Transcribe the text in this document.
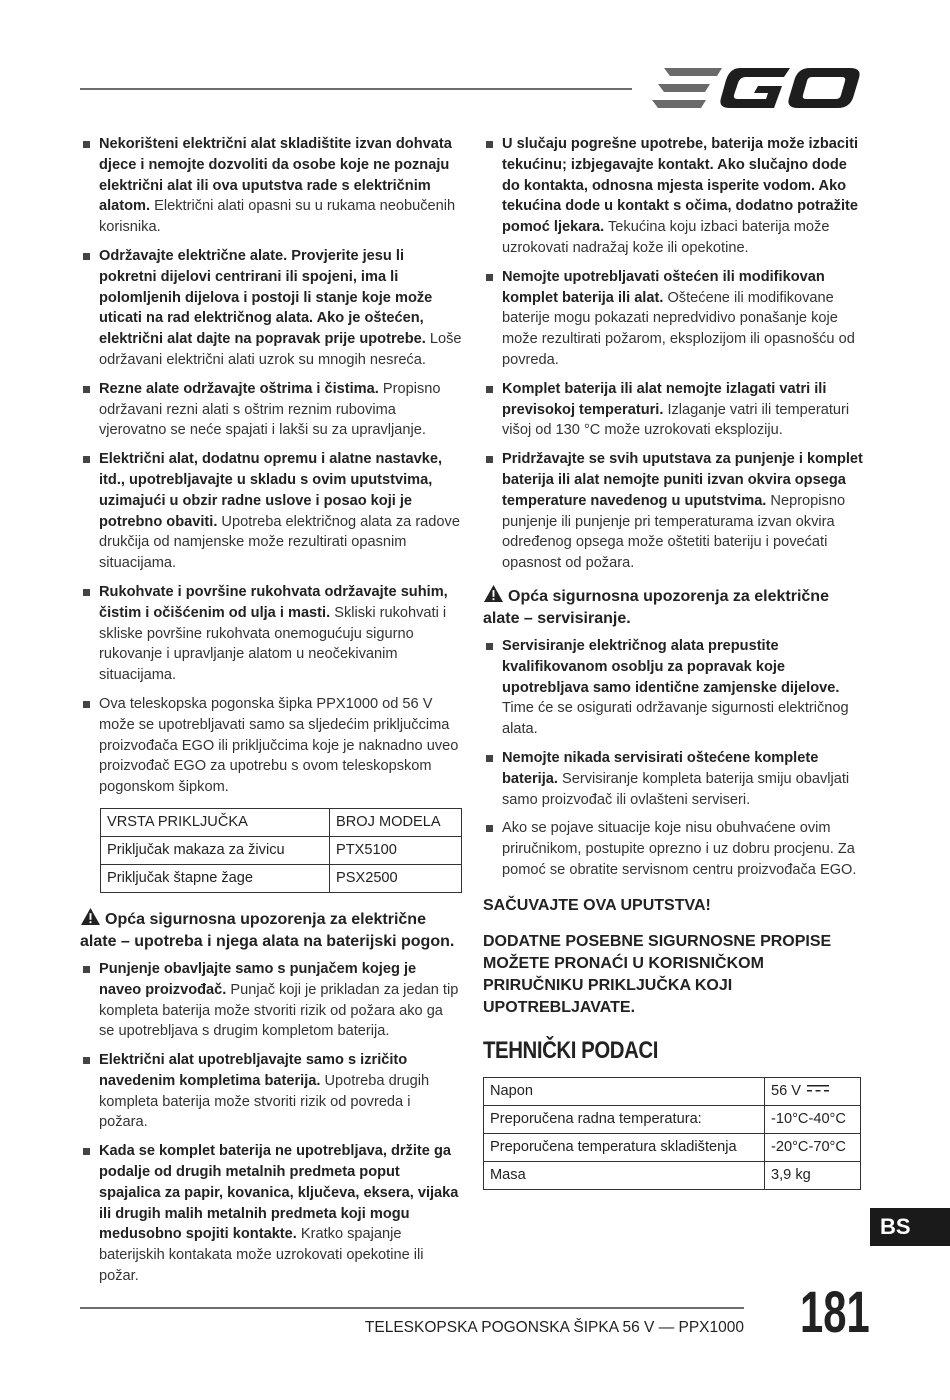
Nekorišteni električni alat skladištite izvan dohvata djece i nemojte dozvoliti da osobe koje ne poznaju električni alat ili ova uputstva rade s električnim alatom. Električni alati opasni su u rukama neobučenih korisnika.
Održavajte električne alate. Provjerite jesu li pokretni dijelovi centrirani ili spojeni, ima li polomljenih dijelova i postoji li stanje koje može uticati na rad električnog alata. Ako je oštećen, električni alat dajte na popravak prije upotrebe. Loše održavani električni alati uzrok su mnogih nesreća.
Rezne alate održavajte oštrima i čistima. Propisno održavani rezni alati s oštrim reznim rubovima vjerovatno se neće spajati i lakši su za upravljanje.
Električni alat, dodatnu opremu i alatne nastavke, itd., upotrebljavajte u skladu s ovim uputstvima, uzimajući u obzir radne uslove i posao koji je potrebno obaviti. Upotreba električnog alata za radove drukčija od namjenske može rezultirati opasnim situacijama.
Rukohvate i površine rukohvata održavajte suhim, čistim i očišćenim od ulja i masti. Skliski rukohvati i skliske površine rukohvata onemogućuju sigurno rukovanje i upravljanje alatom u neočekivanim situacijama.
Ova teleskopska pogonska šipka PPX1000 od 56 V može se upotrebljavati samo sa sljedećim priključcima proizvođača EGO ili priključcima koje je naknadno uveo proizvođač EGO za upotrebu s ovom teleskopskom pogonskom šipkom.
VRSTA PRIKLJUČKA	BROJ MODELA
Priključak makaza za živicu	PTX5100
Priključak štapne žage	PSX2500
Opća sigurnosna upozorenja za električne alate – upotreba i njega alata na baterijski pogon.
Punjenje obavljajte samo s punjačem kojeg je naveo proizvođač. Punjač koji je prikladan za jedan tip kompleta baterija može stvoriti rizik od požara ako ga se upotrebljava s drugim kompletom baterija.
Električni alat upotrebljavajte samo s izričito navedenim kompletima baterija. Upotreba drugih kompleta baterija može stvoriti rizik od povreda i požara.
Kada se komplet baterija ne upotrebljava, držite ga podalje od drugih metalnih predmeta poput spajalica za papir, kovanica, ključeva, eksera, vijaka ili drugih malih metalnih predmeta koji mogu medusobno spojiti kontakte. Kratko spajanje baterijskih kontakata može uzrokovati opekotine ili požar.
U slučaju pogrešne upotrebe, baterija može izbaciti tekućinu; izbjegavajte kontakt. Ako slučajno dode do kontakta, odnosna mjesta isperite vodom. Ako tekućina dode u kontakt s očima, dodatno potražite pomoć ljekara. Tekućina koju izbaci baterija može uzrokovati nadražaj kože ili opekotine.
Nemojte upotrebljavati oštećen ili modifikovan komplet baterija ili alat. Oštećene ili modifikovane baterije mogu pokazati nepredvidivo ponašanje koje može rezultirati požarom, eksplozijom ili opasnošću od povreda.
Komplet baterija ili alat nemojte izlagati vatri ili previsokoj temperaturi. Izlaganje vatri ili temperaturi višoj od 130 °C može uzrokovati eksploziju.
Pridržavajte se svih uputstava za punjenje i komplet baterija ili alat nemojte puniti izvan okvira opsega temperature navedenog u uputstvima. Nepropisno punjenje ili punjenje pri temperaturama izvan okvira određenog opsega može oštetiti bateriju i povećati opasnost od požara.
Opća sigurnosna upozorenja za električne alate – servisiranje.
Servisiranje električnog alata prepustite kvalifikovanom osoblju za popravak koje upotrebljava samo identične zamjenske dijelove. Time će se osigurati održavanje sigurnosti električnog alata.
Nemojte nikada servisirati oštećene komplete baterija. Servisiranje kompleta baterija smiju obavljati samo proizvođač ili ovlašteni serviseri.
Ako se pojave situacije koje nisu obuhvaćene ovim priručnikom, postupite oprezno i uz dobru procjenu. Za pomoć se obratite servisnom centru proizvođača EGO.
SAČUVAJTE OVA UPUTSTVA!
DODATNE POSEBNE SIGURNOSNE PROPISE MOŽETE PRONAĆI U KORISNIČKOM PRIRUČNIKU PRIKLJUČKA KOJI UPOTREBLJAVATE.
TEHNIČKI PODACI
Napon	56 V
Preporučena radna temperatura:	-10°C-40°C
Preporučena temperatura skladištenja	-20°C-70°C
Masa	3,9 kg
BS
TELESKOPSKA POGONSKA ŠIPKA 56 V — PPX1000 181
